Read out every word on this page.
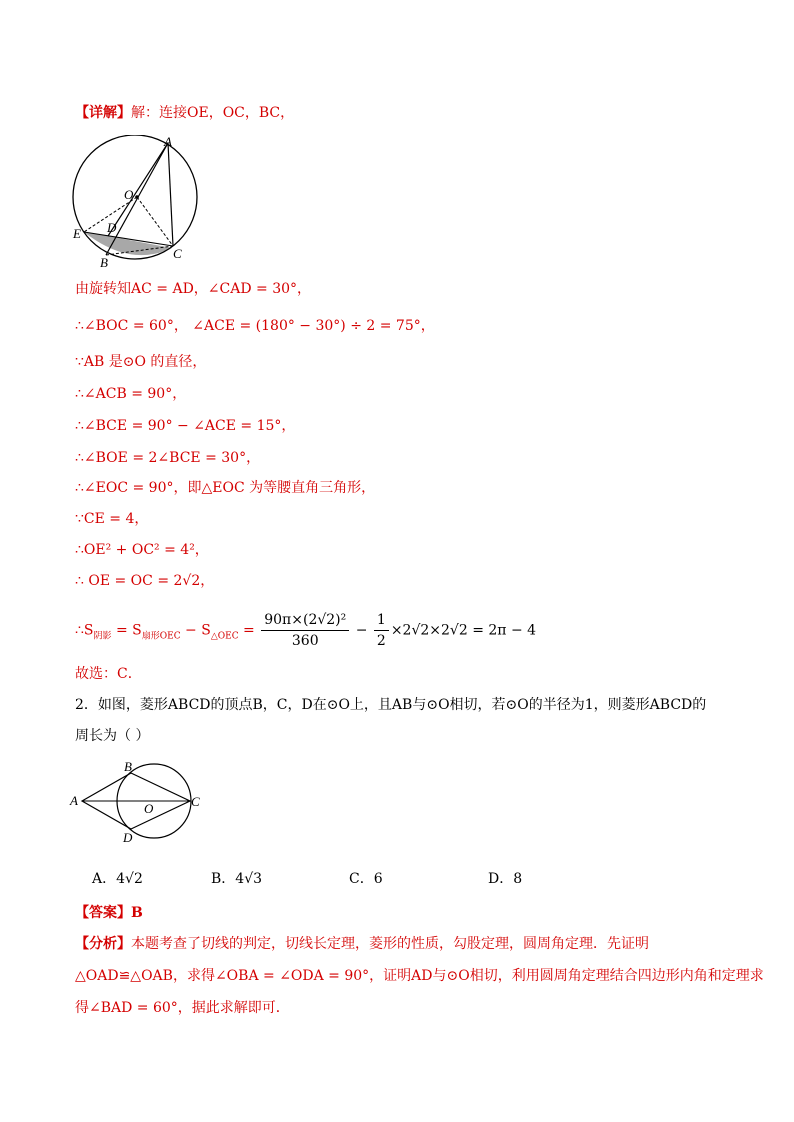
【详解】解：连接OE，OC，BC，
A
O
E D
B
C
由旋转知AC = AD，∠CAD = 30°，
∴∠BOC = 60°， ∠ACE = (180° − 30°) ÷ 2 = 75°，
∵AB 是⊙O 的直径，
∴∠ACB = 90°，
∴∠BCE = 90° − ∠ACE = 15°，
∴∠BOE = 2∠BCE = 30°，
∴∠EOC = 90°，即△EOC 为等腰直角三角形，
∵CE = 4，
∴OE² + OC² = 4²，
∴ OE = OC = 2√2，
$\therefore S_{阴影} = S_{扇形OEC} - S_{\triangle OEC} = \frac{\text{90π×(2√2)²}}{360} - \frac{1}{2} \times 2√2\times 2√2 = 2\pi - 4$
故选：C．
2．如图，菱形ABCD的顶点B，C，D在⊙O上，且AB与⊙O相切，若⊙O的半径为1，则菱形ABCD的
周长为（ ）
A
B
O	C
D
A．4√2	B．4√3	C．6	D．8
【答案】B
【分析】本题考查了切线的判定，切线长定理，菱形的性质，勾股定理，圆周角定理．先证明
△OAD≌△OAB，求得∠OBA = ∠ODA = 90°，证明AD与⊙O相切，利用圆周角定理结合四边形内角和定理求
得∠BAD = 60°，据此求解即可．
